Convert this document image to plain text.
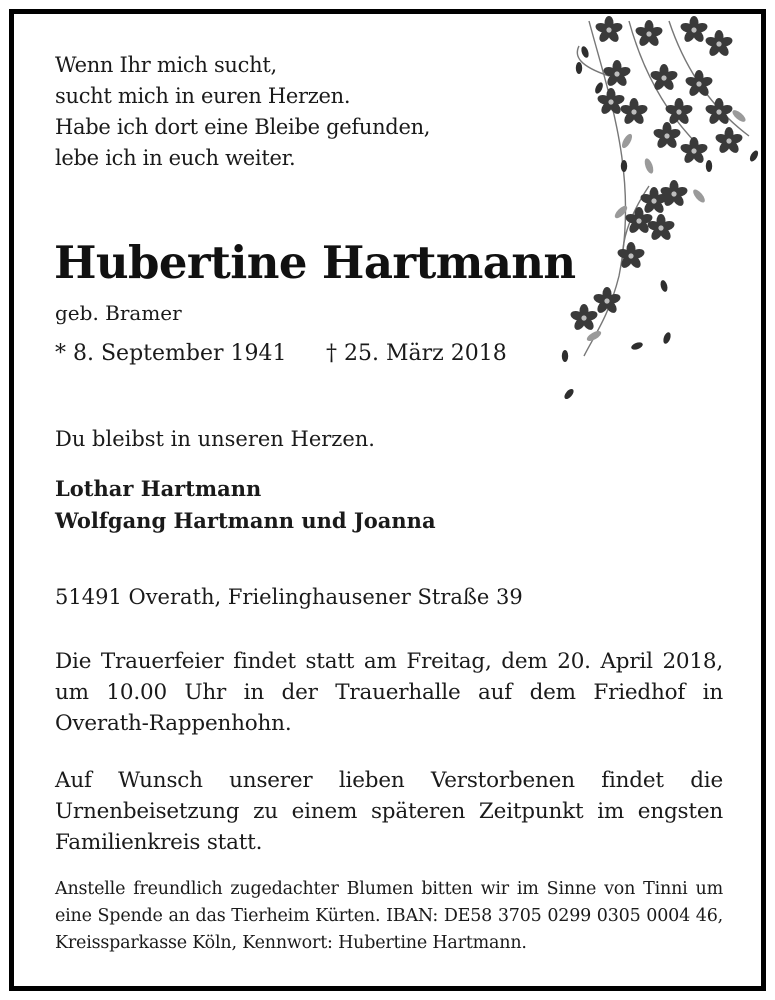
Wenn Ihr mich sucht,
sucht mich in euren Herzen.
Habe ich dort eine Bleibe gefunden,
lebe ich in euch weiter.
Hubertine Hartmann
geb. Bramer
* 8. September 1941 † 25. März 2018
Du bleibst in unseren Herzen.
Lothar Hartmann
Wolfgang Hartmann und Joanna
51491 Overath, Frielinghausener Straße 39
Die Trauerfeier findet statt am Freitag, dem 20. April 2018, um 10.00 Uhr in der Trauerhalle auf dem Friedhof in Overath-Rappenhohn.
Auf Wunsch unserer lieben Verstorbenen findet die Urnenbeisetzung zu einem späteren Zeitpunkt im engsten Familienkreis statt.
Anstelle freundlich zugedachter Blumen bitten wir im Sinne von Tinni um eine Spende an das Tierheim Kürten. IBAN: DE58 3705 0299 0305 0004 46, Kreissparkasse Köln, Kennwort: Hubertine Hartmann.
